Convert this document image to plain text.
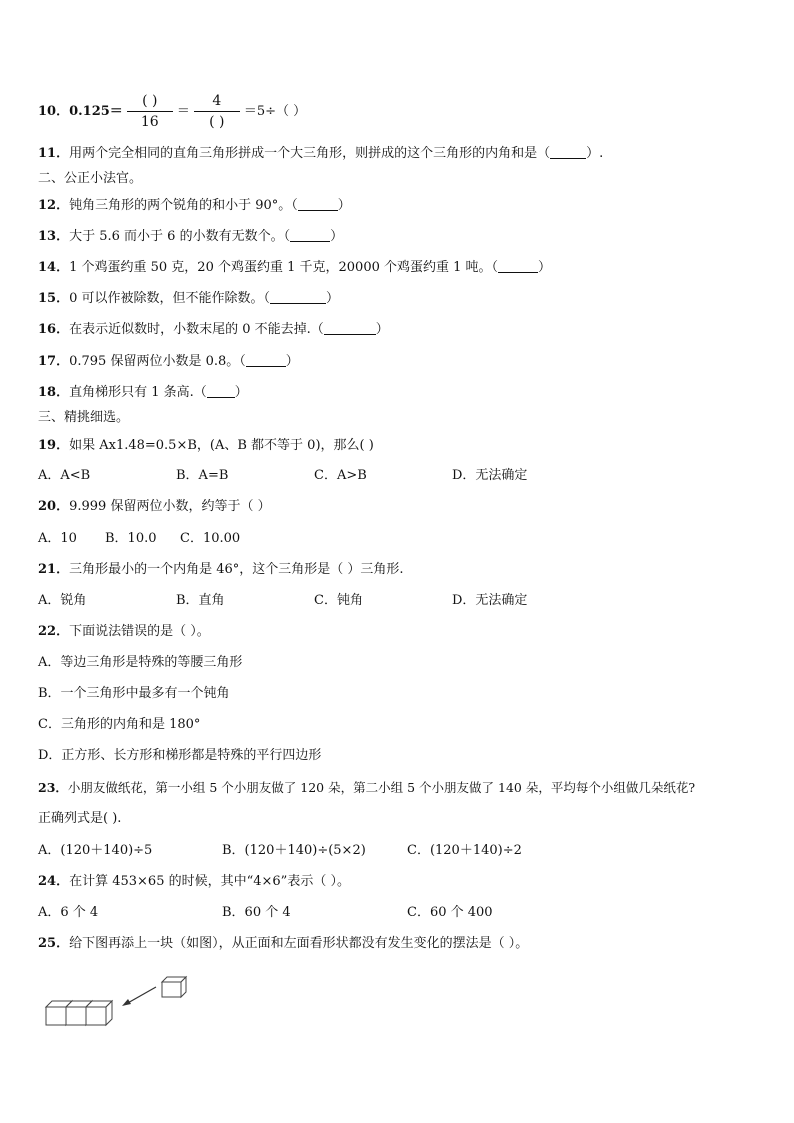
10．$0.125= \frac{( )}{16} = \frac{4}{( )} =5\div$（ ）
11．用两个完全相同的直角三角形拼成一个大三角形，则拼成的这个三角形的内角和是（	）.
二、公正小法官。
12．钝角三角形的两个锐角的和小于 90°。（	）
13．大于 5.6 而小于 6 的小数有无数个。（	）
14．1 个鸡蛋约重 50 克，20 个鸡蛋约重 1 千克，20000 个鸡蛋约重 1 吨。（	）
15．0 可以作被除数，但不能作除数。（	）
16．在表示近似数时，小数末尾的 0 不能去掉.（	）
17．0.795 保留两位小数是 0.8。（	）
18．直角梯形只有 1 条高.（ ）
三、精挑细选。
19．如果 Ax1.48=0.5×B，(A、B 都不等于 0)，那么( )
A．A<B	B．A=B	C．A>B	D．无法确定
20．9.999 保留两位小数，约等于（ ）
A．10 B．10.0 C．10.00
21．三角形最小的一个内角是 46°，这个三角形是（ ）三角形.
A．锐角	B．直角	C．钝角	D．无法确定
22．下面说法错误的是（ ）。
A．等边三角形是特殊的等腰三角形
B．一个三角形中最多有一个钝角
C．三角形的内角和是 180°
D．正方形、长方形和梯形都是特殊的平行四边形
23．小朋友做纸花，第一小组 5 个小朋友做了 120 朵，第二小组 5 个小朋友做了 140 朵，平均每个小组做几朵纸花?
正确列式是( ).
A．(120＋140)÷5	B．(120＋140)÷(5×2)	C．(120＋140)÷2
24．在计算 453×65 的时候，其中“4×6”表示（ ）。
A．6 个 4	B．60 个 4	C．60 个 400
25．给下图再添上一块（如图），从正面和左面看形状都没有发生变化的摆法是（ ）。
